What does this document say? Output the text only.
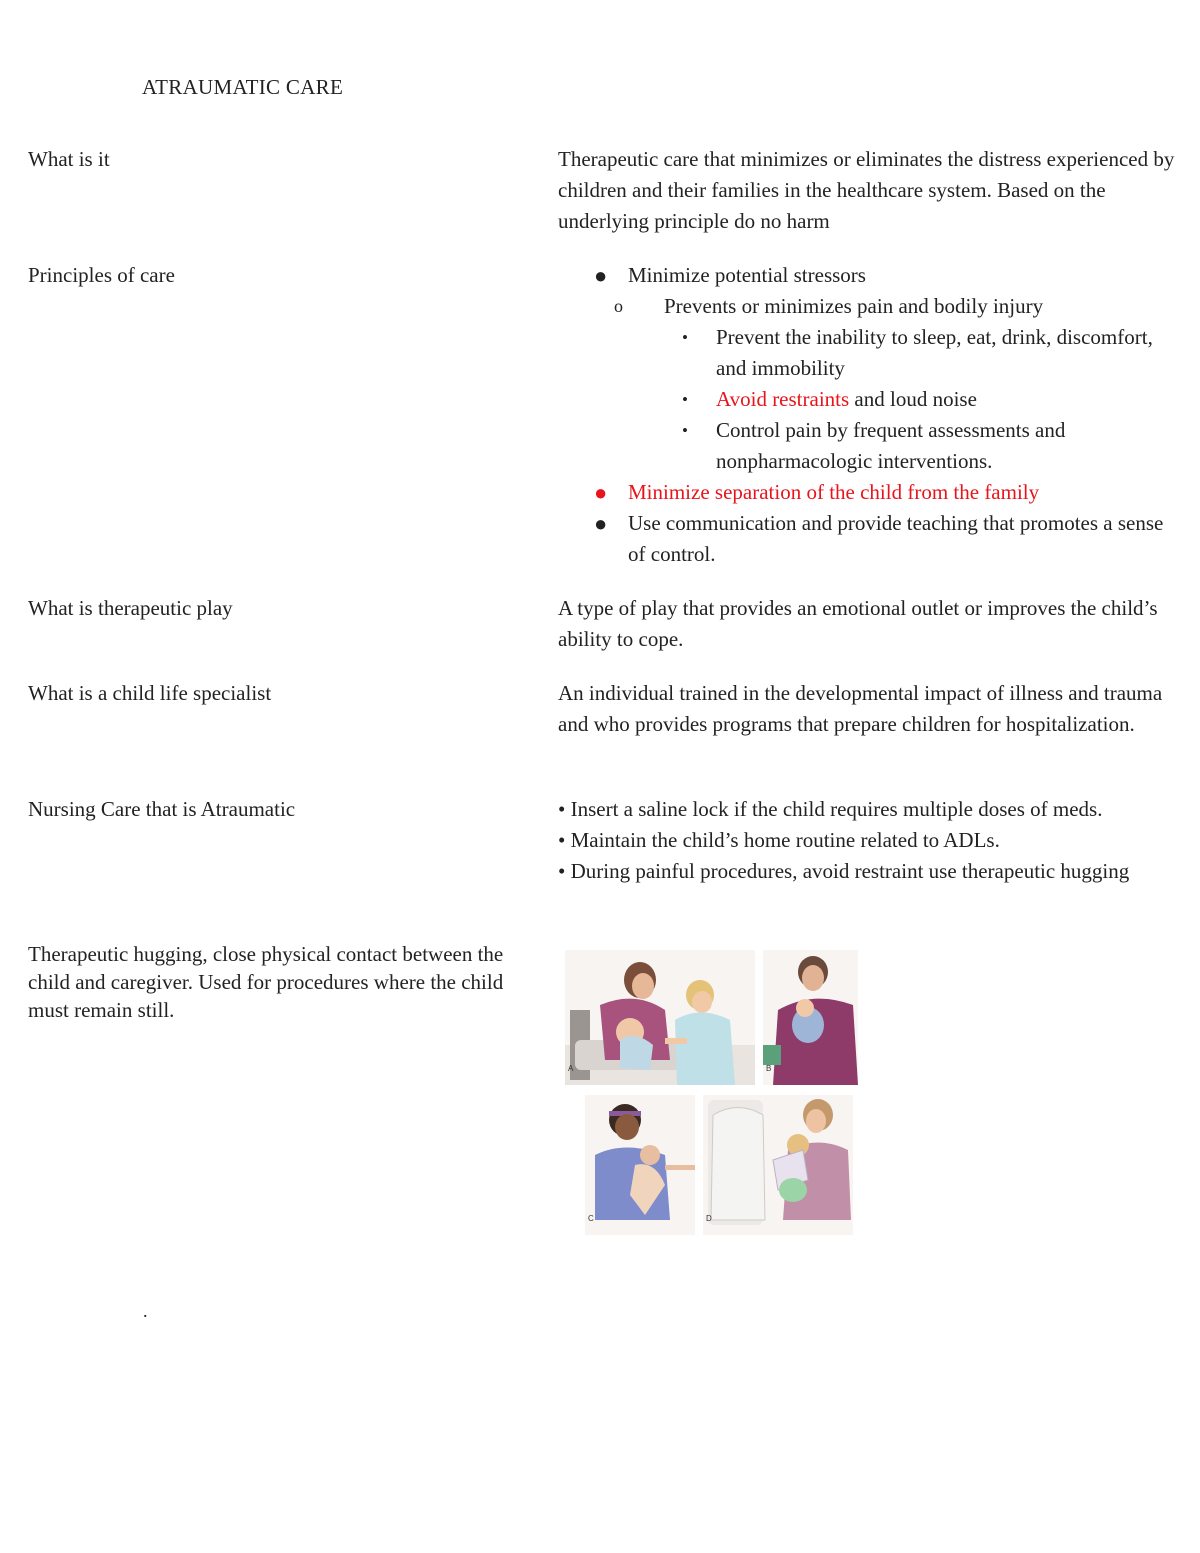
ATRAUMATIC CARE
What is it	Therapeutic care that minimizes or eliminates the distress experienced by children and their families in the healthcare system. Based on the underlying principle do no harm
Principles of care	● Minimize potential stressors
o Prevents or minimizes pain and bodily injury
• Prevent the inability to sleep, eat, drink, discomfort, and immobility
• Avoid restraints and loud noise
• Control pain by frequent assessments and nonpharmacologic interventions.
● Minimize separation of the child from the family
● Use communication and provide teaching that promotes a sense of control.
What is therapeutic play	A type of play that provides an emotional outlet or improves the child’s ability to cope.
What is a child life specialist	An individual trained in the developmental impact of illness and trauma and who provides programs that prepare children for hospitalization.
Nursing Care that is Atraumatic	• Insert a saline lock if the child requires multiple doses of meds.
• Maintain the child’s home routine related to ADLs.
• During painful procedures, avoid restraint use therapeutic hugging
Therapeutic hugging, close physical contact between the child and caregiver. Used for procedures where the child must remain still.
A	B
C	D
.
